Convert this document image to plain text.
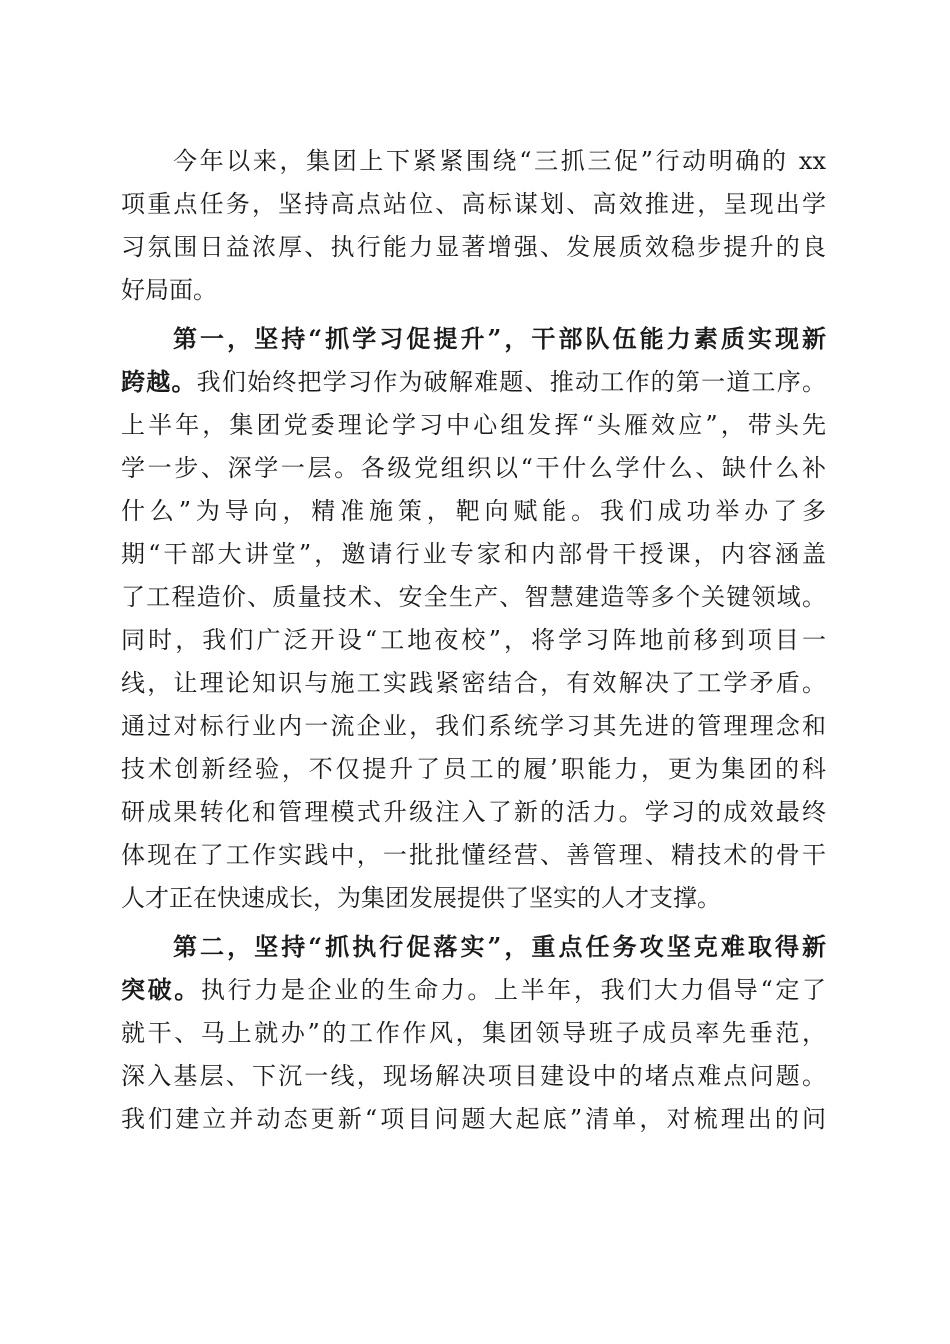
今年以来，集团上下紧紧围绕“三抓三促”行动明确的 xx
项重点任务，坚持高点站位、高标谋划、高效推进，呈现出学
习氛围日益浓厚、执行能力显著增强、发展质效稳步提升的良
好局面。
第一，坚持“抓学习促提升”，干部队伍能力素质实现新
跨越。我们始终把学习作为破解难题、推动工作的第一道工序。
上半年，集团党委理论学习中心组发挥“头雁效应”，带头先
学一步、深学一层。各级党组织以“干什么学什么、缺什么补
什么”为导向，精准施策，靶向赋能。我们成功举办了多
期“干部大讲堂”，邀请行业专家和内部骨干授课，内容涵盖
了工程造价、质量技术、安全生产、智慧建造等多个关键领域。
同时，我们广泛开设“工地夜校”，将学习阵地前移到项目一
线，让理论知识与施工实践紧密结合，有效解决了工学矛盾。
通过对标行业内一流企业，我们系统学习其先进的管理理念和
技术创新经验，不仅提升了员工的履’职能力，更为集团的科
研成果转化和管理模式升级注入了新的活力。学习的成效最终
体现在了工作实践中，一批批懂经营、善管理、精技术的骨干
人才正在快速成长，为集团发展提供了坚实的人才支撑。
第二，坚持“抓执行促落实”，重点任务攻坚克难取得新
突破。执行力是企业的生命力。上半年，我们大力倡导“定了
就干、马上就办”的工作作风，集团领导班子成员率先垂范，
深入基层、下沉一线，现场解决项目建设中的堵点难点问题。
我们建立并动态更新“项目问题大起底”清单，对梳理出的问
